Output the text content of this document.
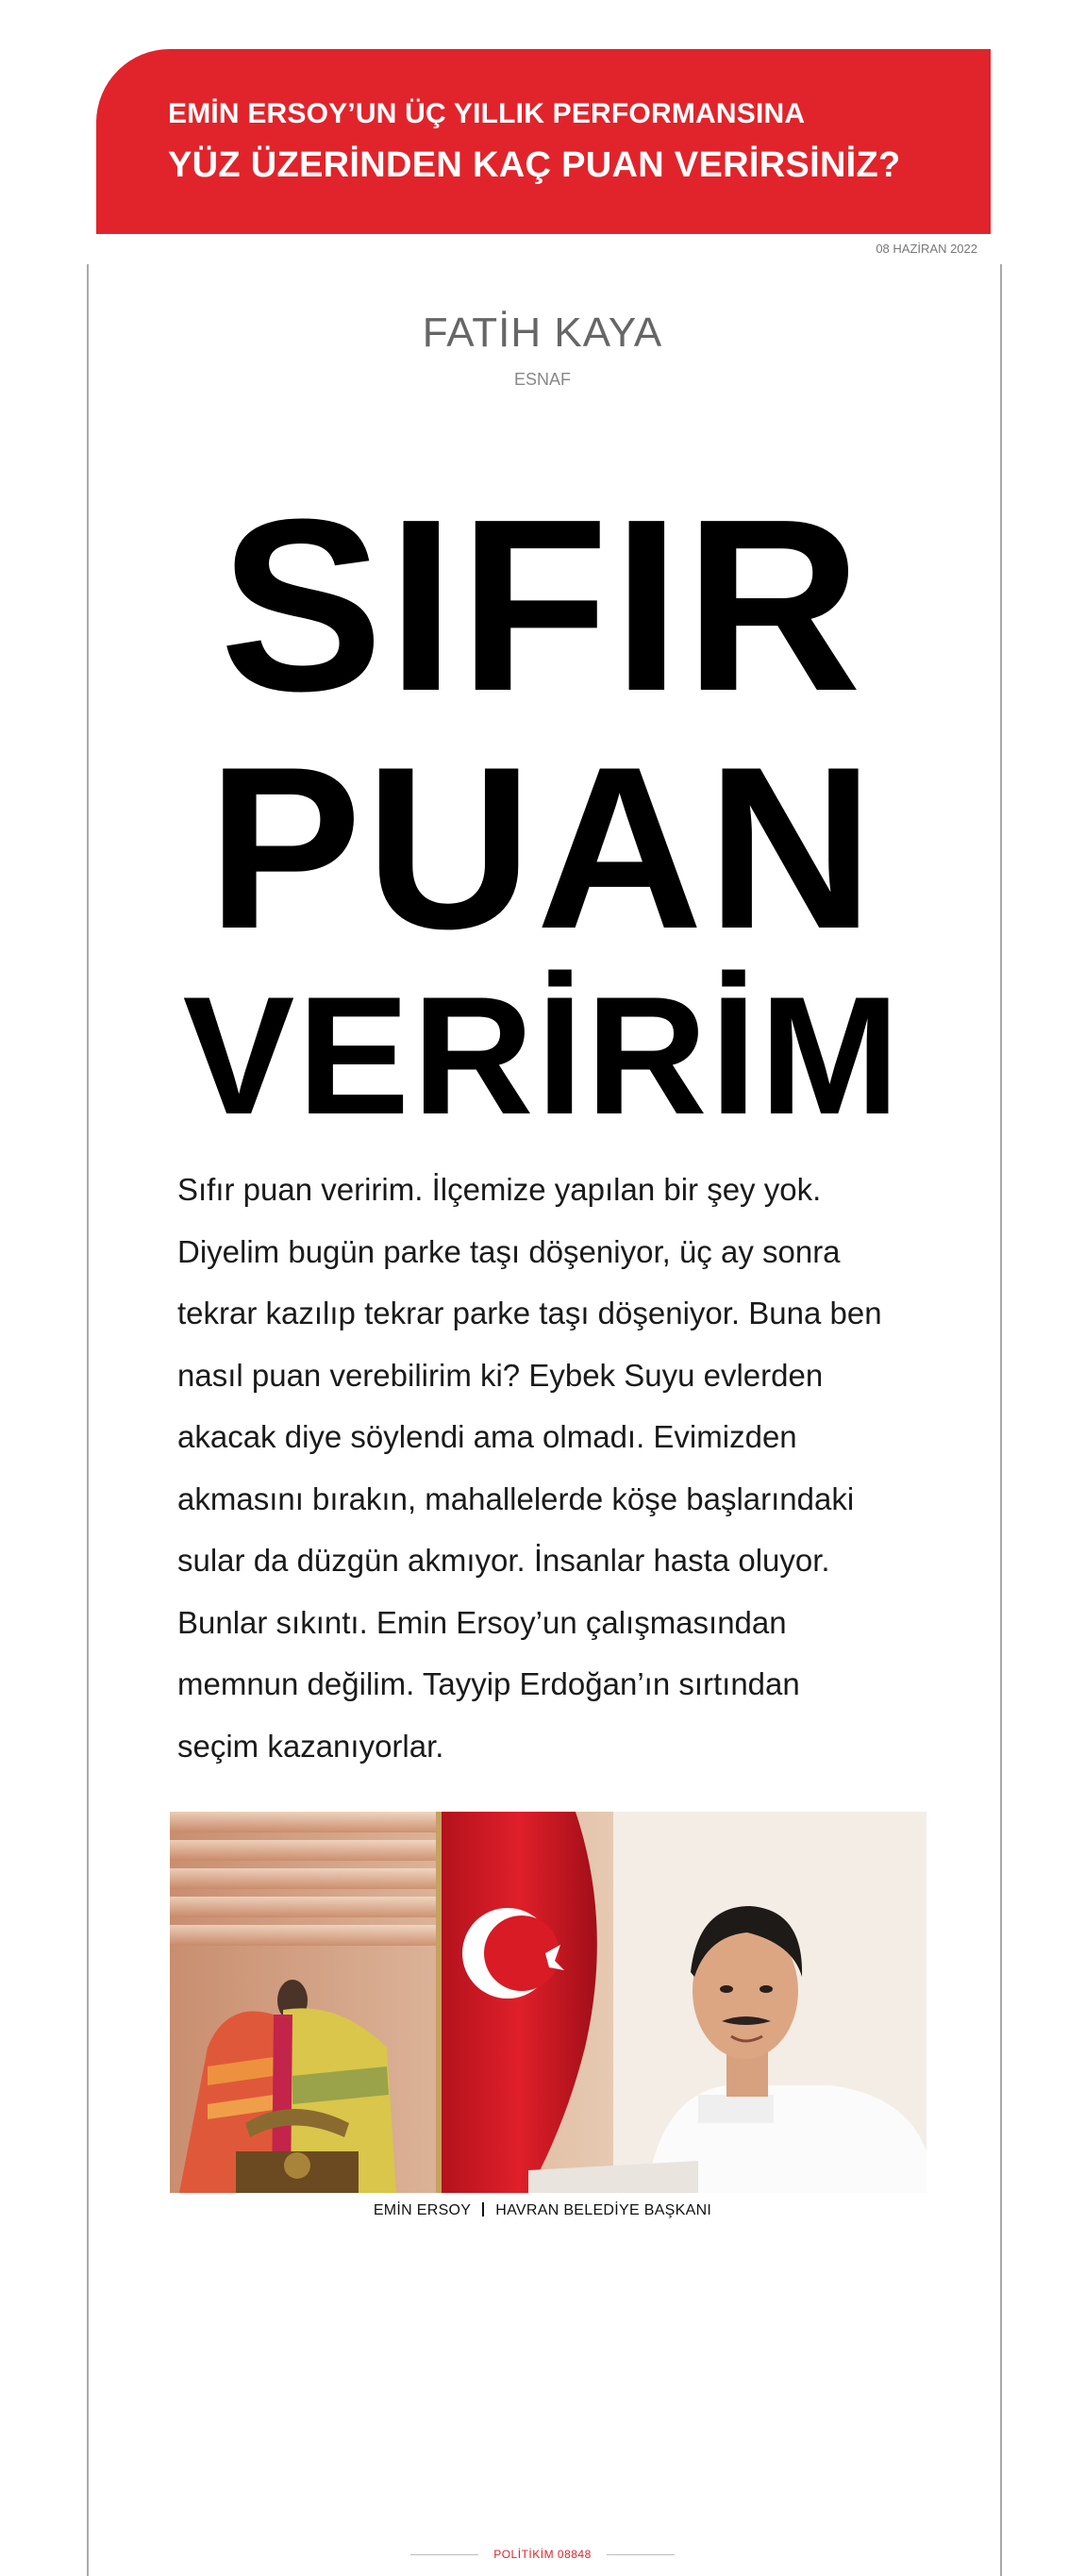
EMİN ERSOY’UN ÜÇ YILLIK PERFORMANSINA
YÜZ ÜZERİNDEN KAÇ PUAN VERİRSİNİZ?
08 HAZİRAN 2022
FATİH KAYA
ESNAF
SIFIR
PUAN
VERİRİM

Sıfır puan veririm. İlçemize yapılan bir şey yok.

Diyelim bugün parke taşı döşeniyor, üç ay sonra

tekrar kazılıp tekrar parke taşı döşeniyor. Buna ben

nasıl puan verebilirim ki? Eybek Suyu evlerden

akacak diye söylendi ama olmadı. Evimizden

akmasını bırakın, mahallelerde köşe başlarındaki

sular da düzgün akmıyor. İnsanlar hasta oluyor.

Bunlar sıkıntı. Emin Ersoy’un çalışmasından

memnun değilim. Tayyip Erdoğan’ın sırtından

seçim kazanıyorlar.

EMİN ERSOY HAVRAN BELEDİYE BAŞKANI
POLİTİKİM 08848
